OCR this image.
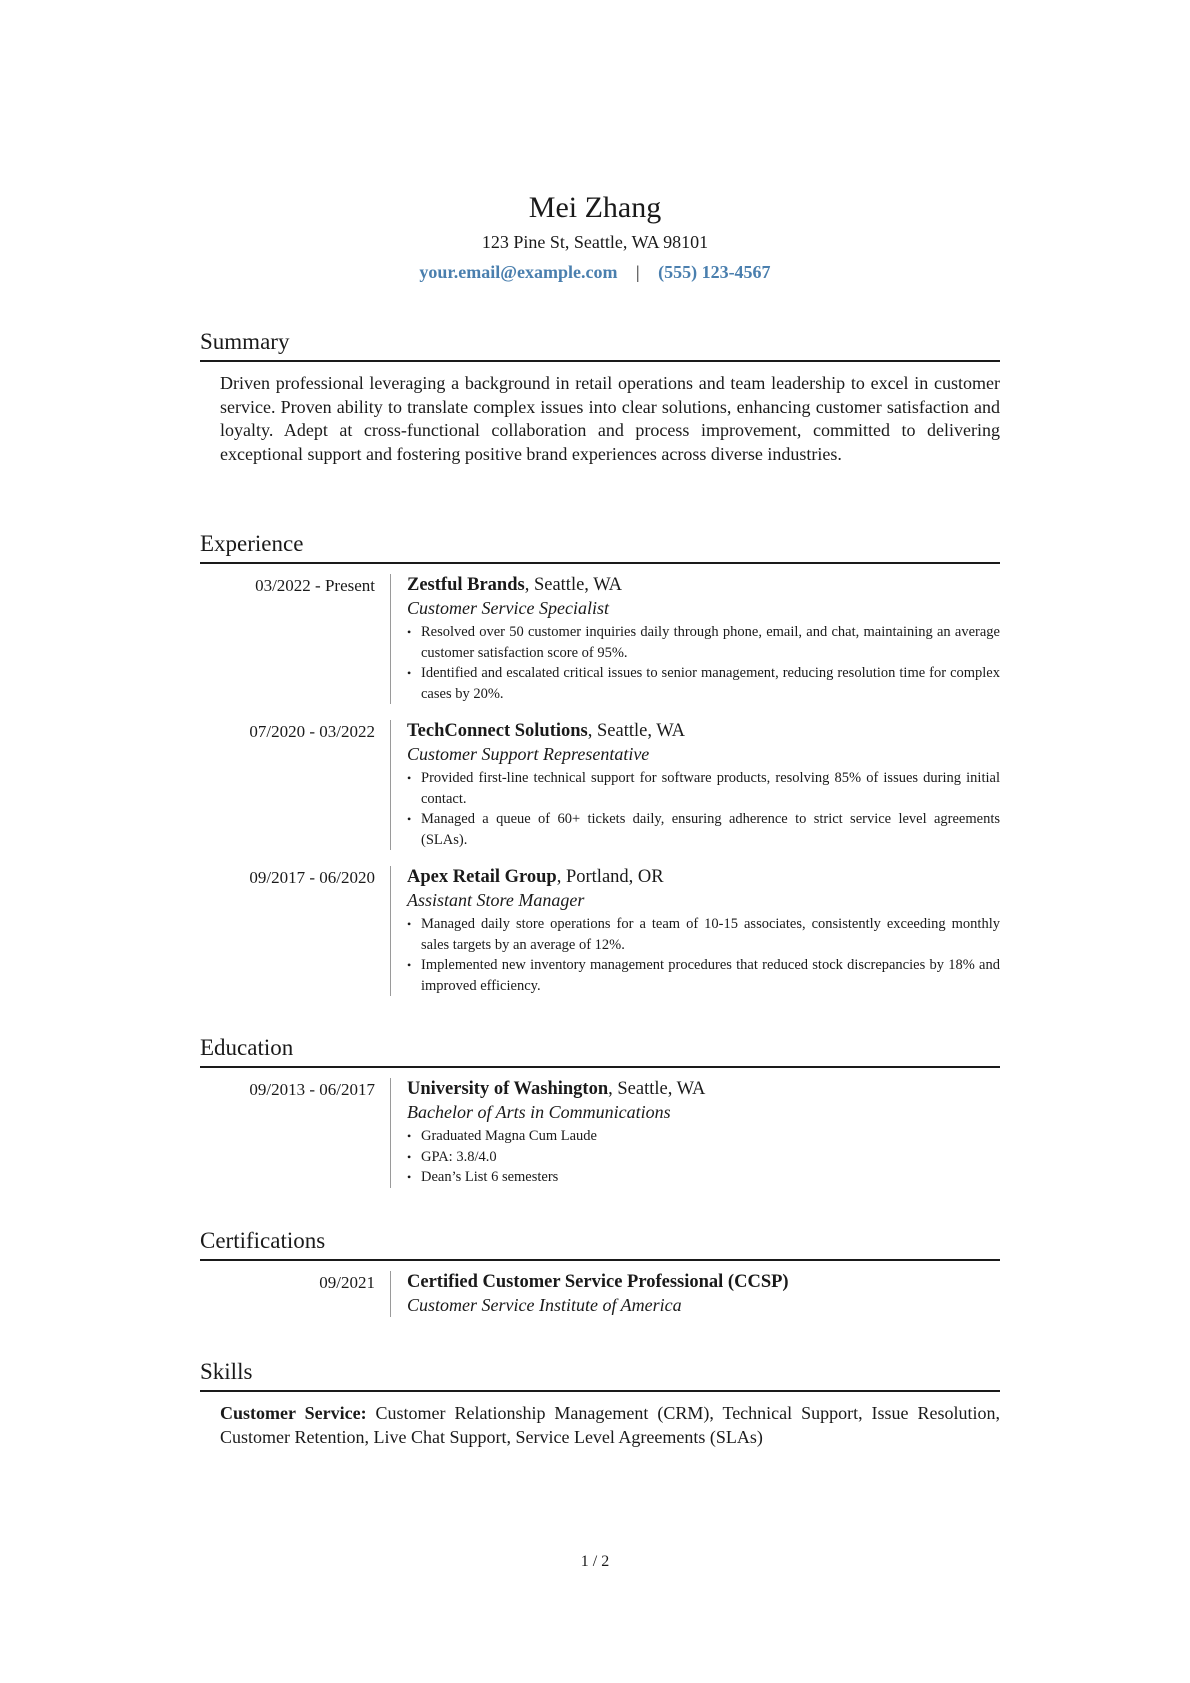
Mei Zhang
123 Pine St, Seattle, WA 98101
your.email@example.com | (555) 123-4567
Summary
Driven professional leveraging a background in retail operations and team leadership to excel in customer service. Proven ability to translate complex issues into clear solutions, enhancing customer satisfaction and loyalty. Adept at cross-functional collaboration and process improvement, committed to delivering exceptional support and fostering positive brand experiences across diverse industries.
Experience
03/2022 - Present	Zestful Brands, Seattle, WA
Customer Service Specialist
• Resolved over 50 customer inquiries daily through phone, email, and chat, maintaining an average customer satisfaction score of 95%.
• Identified and escalated critical issues to senior management, reducing resolution time for complex cases by 20%.
07/2020 - 03/2022	TechConnect Solutions, Seattle, WA
Customer Support Representative
• Provided first-line technical support for software products, resolving 85% of issues during initial contact.
• Managed a queue of 60+ tickets daily, ensuring adherence to strict service level agreements (SLAs).
09/2017 - 06/2020	Apex Retail Group, Portland, OR
Assistant Store Manager
• Managed daily store operations for a team of 10-15 associates, consistently exceeding monthly sales targets by an average of 12%.
• Implemented new inventory management procedures that reduced stock discrepancies by 18% and improved efficiency.
Education
09/2013 - 06/2017	University of Washington, Seattle, WA
Bachelor of Arts in Communications
• Graduated Magna Cum Laude
• GPA: 3.8/4.0
• Dean’s List 6 semesters
Certifications
09/2021	Certified Customer Service Professional (CCSP)
Customer Service Institute of America
Skills
Customer Service: Customer Relationship Management (CRM), Technical Support, Issue Resolution, Customer Retention, Live Chat Support, Service Level Agreements (SLAs)
1 / 2
